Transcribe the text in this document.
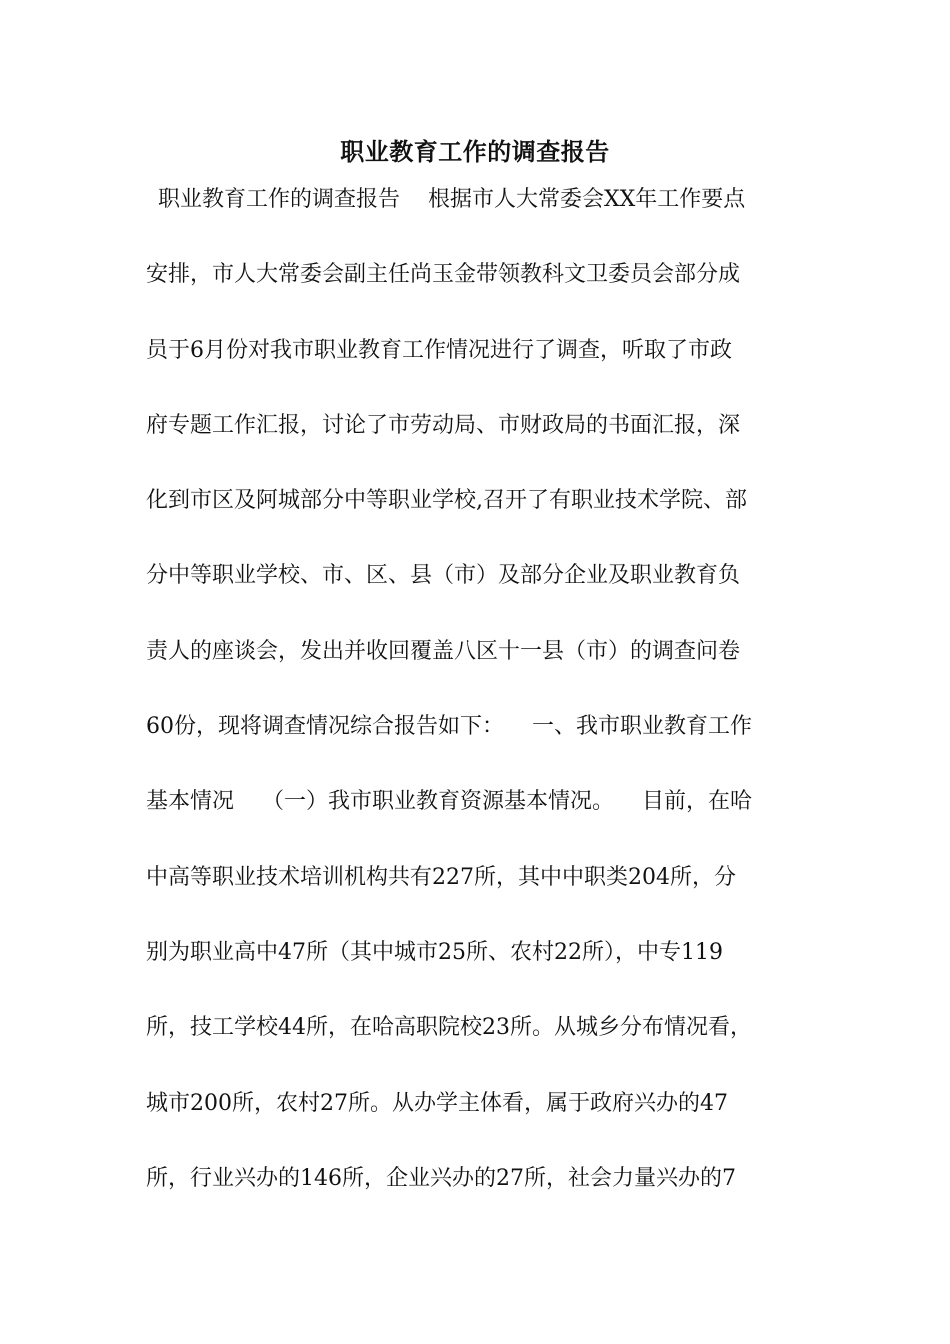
职业教育工作的调查报告
职业教育工作的调查报告    根据市人大常委会XX年工作要点
安排，市人大常委会副主任尚玉金带领教科文卫委员会部分成
员于6月份对我市职业教育工作情况进行了调查，听取了市政
府专题工作汇报，讨论了市劳动局、市财政局的书面汇报，深
化到市区及阿城部分中等职业学校,召开了有职业技术学院、部
分中等职业学校、市、区、县（市）及部分企业及职业教育负
责人的座谈会，发出并收回覆盖八区十一县（市）的调查问卷
60份，现将调查情况综合报告如下：    一、我市职业教育工作
基本情况    （一）我市职业教育资源基本情况。    目前，在哈
中高等职业技术培训机构共有227所，其中中职类204所，分
别为职业高中47所（其中城市25所、农村22所），中专119
所，技工学校44所，在哈高职院校23所。从城乡分布情况看，
城市200所，农村27所。从办学主体看，属于政府兴办的47
所，行业兴办的146所，企业兴办的27所，社会力量兴办的7
